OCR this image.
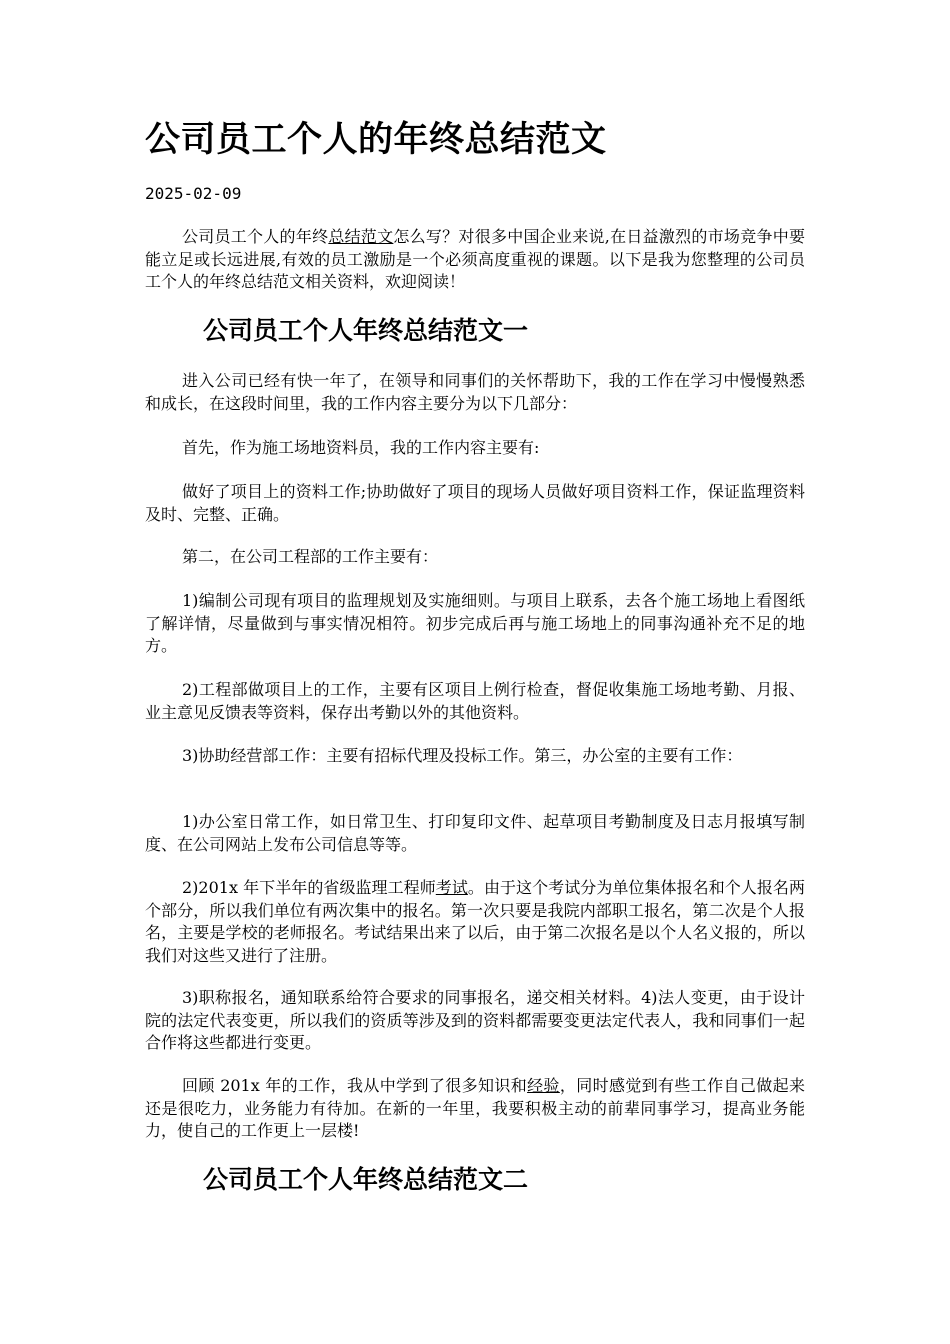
公司员工个人的年终总结范文
2025-02-09

公司员工个人的年终总结范文怎么写？对很多中国企业来说,在日益激烈的市场竞争中要能立足或长远进展,有效的员工激励是一个必须高度重视的课题。以下是我为您整理的公司员工个人的年终总结范文相关资料，欢迎阅读！

公司员工个人年终总结范文一

进入公司已经有快一年了，在领导和同事们的关怀帮助下，我的工作在学习中慢慢熟悉和成长，在这段时间里，我的工作内容主要分为以下几部分：

首先，作为施工场地资料员，我的工作内容主要有:

做好了项目上的资料工作;协助做好了项目的现场人员做好项目资料工作，保证监理资料及时、完整、正确。

第二，在公司工程部的工作主要有：

1)编制公司现有项目的监理规划及实施细则。与项目上联系，去各个施工场地上看图纸了解详情，尽量做到与事实情况相符。初步完成后再与施工场地上的同事沟通补充不足的地方。

2)工程部做项目上的工作，主要有区项目上例行检查，督促收集施工场地考勤、月报、业主意见反馈表等资料，保存出考勤以外的其他资料。

3)协助经营部工作：主要有招标代理及投标工作。第三，办公室的主要有工作：

1)办公室日常工作，如日常卫生、打印复印文件、起草项目考勤制度及日志月报填写制度、在公司网站上发布公司信息等等。

2)201x 年下半年的省级监理工程师考试。由于这个考试分为单位集体报名和个人报名两个部分，所以我们单位有两次集中的报名。第一次只要是我院内部职工报名，第二次是个人报名，主要是学校的老师报名。考试结果出来了以后，由于第二次报名是以个人名义报的，所以我们对这些又进行了注册。

3)职称报名，通知联系给符合要求的同事报名，递交相关材料。4)法人变更，由于设计院的法定代表变更，所以我们的资质等涉及到的资料都需要变更法定代表人，我和同事们一起合作将这些都进行变更。

回顾 201x 年的工作，我从中学到了很多知识和经验，同时感觉到有些工作自己做起来还是很吃力，业务能力有待加。在新的一年里，我要积极主动的前辈同事学习，提高业务能力，使自己的工作更上一层楼!

公司员工个人年终总结范文二
